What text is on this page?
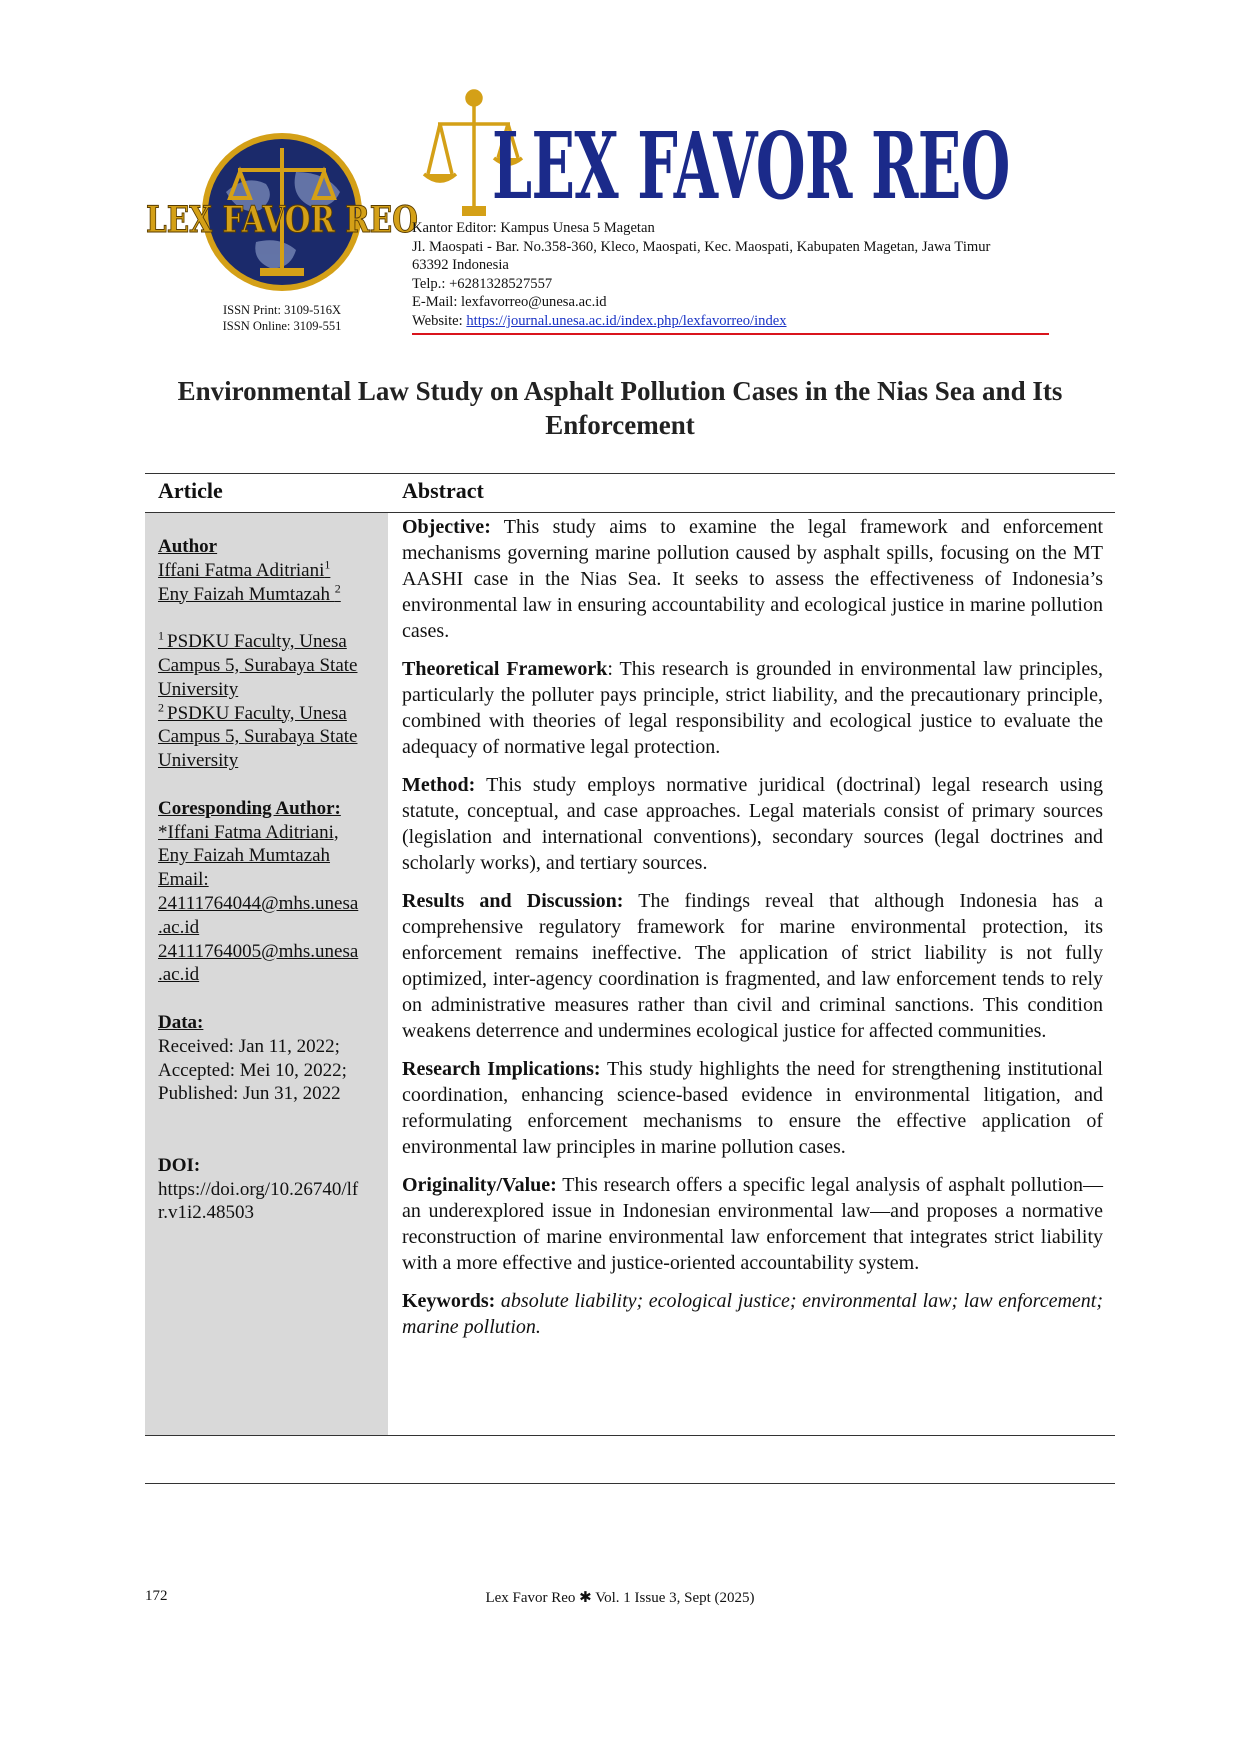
LEX FAVOR REO
ISSN Print: 3109-516X
ISSN Online: 3109-551
LEX FAVOR REO
Kantor Editor: Kampus Unesa 5 Magetan
Jl. Maospati - Bar. No.358-360, Kleco, Maospati, Kec. Maospati, Kabupaten Magetan, Jawa Timur
63392 Indonesia
Telp.: +6281328527557
E-Mail: lexfavorreo@unesa.ac.id
Website: https://journal.unesa.ac.id/index.php/lexfavorreo/index
Environmental Law Study on Asphalt Pollution Cases in the Nias Sea and Its
Enforcement
Article	Abstract
Author
Iffani Fatma Aditriani$^1$
Eny Faizah Mumtazah $^2$
$^1$ PSDKU Faculty, Unesa
Campus 5, Surabaya State
University
$^2$ PSDKU Faculty, Unesa
Campus 5, Surabaya State
University
Coresponding Author:
*Iffani Fatma Aditriani,
Eny Faizah Mumtazah
Email:
24111764044@mhs.unesa
.ac.id
24111764005@mhs.unesa
.ac.id
Data:
Received: Jan 11, 2022;
Accepted: Mei 10, 2022;
Published: Jun 31, 2022
DOI:
https://doi.org/10.26740/lf
r.v1i2.48503

Objective: This study aims to examine the legal framework and enforcement mechanisms governing marine pollution caused by asphalt spills, focusing on the MT AASHI case in the Nias Sea. It seeks to assess the effectiveness of Indonesia’s environmental law in ensuring accountability and ecological justice in marine pollution cases.

Theoretical Framework: This research is grounded in environmental law principles, particularly the polluter pays principle, strict liability, and the precautionary principle, combined with theories of legal responsibility and ecological justice to evaluate the adequacy of normative legal protection.

Method: This study employs normative juridical (doctrinal) legal research using statute, conceptual, and case approaches. Legal materials consist of primary sources (legislation and international conventions), secondary sources (legal doctrines and scholarly works), and tertiary sources.

Results and Discussion: The findings reveal that although Indonesia has a comprehensive regulatory framework for marine environmental protection, its enforcement remains ineffective. The application of strict liability is not fully optimized, inter-agency coordination is fragmented, and law enforcement tends to rely on administrative measures rather than civil and criminal sanctions. This condition weakens deterrence and undermines ecological justice for affected communities.

Research Implications: This study highlights the need for strengthening institutional coordination, enhancing science-based evidence in environmental litigation, and reformulating enforcement mechanisms to ensure the effective application of environmental law principles in marine pollution cases.

Originality/Value: This research offers a specific legal analysis of asphalt pollution—an underexplored issue in Indonesian environmental law—and proposes a normative reconstruction of marine environmental law enforcement that integrates strict liability with a more effective and justice-oriented accountability system.

Keywords: absolute liability; ecological justice; environmental law; law enforcement; marine pollution.

172	Lex Favor Reo ✱ Vol. 1 Issue 3, Sept (2025)
